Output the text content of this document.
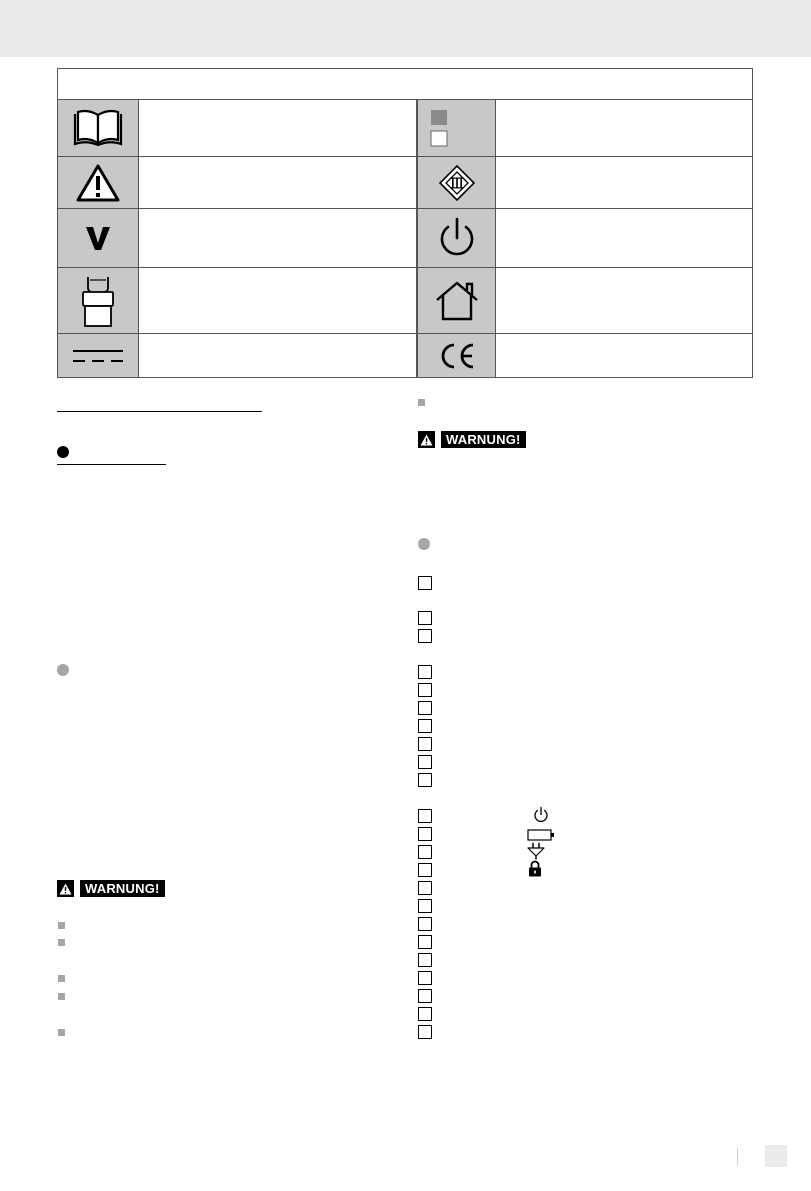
WARNUNG!
WARNUNG!
